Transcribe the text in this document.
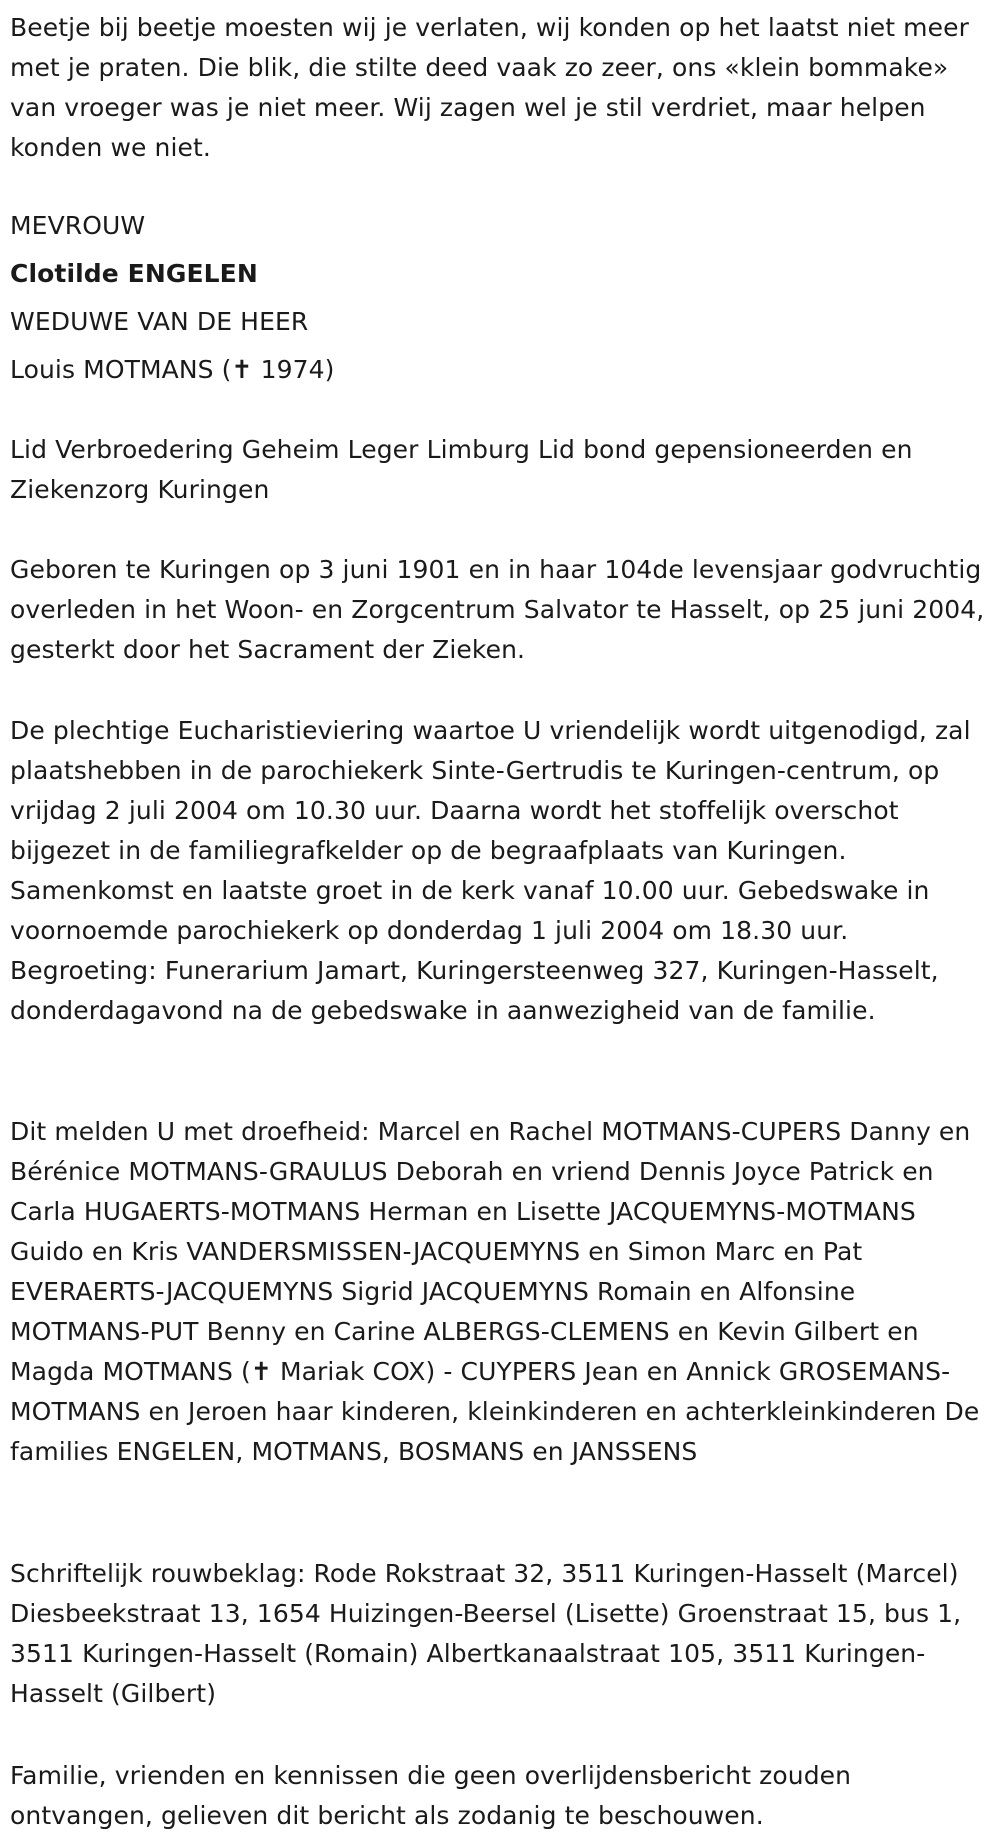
Beetje bij beetje moesten wij je verlaten, wij konden op het laatst niet meer met je praten. Die blik, die stilte deed vaak zo zeer, ons «klein bommake» van vroeger was je niet meer. Wij zagen wel je stil verdriet, maar helpen konden we niet.

MEVROUW

Clotilde ENGELEN

WEDUWE VAN DE HEER

Louis MOTMANS (✝ 1974)

Lid Verbroedering Geheim Leger Limburg Lid bond gepensioneerden en Ziekenzorg Kuringen

Geboren te Kuringen op 3 juni 1901 en in haar 104de levensjaar godvruchtig overleden in het Woon- en Zorgcentrum Salvator te Hasselt, op 25 juni 2004, gesterkt door het Sacrament der Zieken.

De plechtige Eucharistieviering waartoe U vriendelijk wordt uitgenodigd, zal plaatshebben in de parochiekerk Sinte-Gertrudis te Kuringen-centrum, op vrijdag 2 juli 2004 om 10.30 uur. Daarna wordt het stoffelijk overschot bijgezet in de familiegrafkelder op de begraafplaats van Kuringen. Samenkomst en laatste groet in de kerk vanaf 10.00 uur. Gebedswake in voornoemde parochiekerk op donderdag 1 juli 2004 om 18.30 uur. Begroeting: Funerarium Jamart, Kuringersteenweg 327, Kuringen-Hasselt, donderdagavond na de gebedswake in aanwezigheid van de familie.

Dit melden U met droefheid: Marcel en Rachel MOTMANS-CUPERS Danny en Bérénice MOTMANS-GRAULUS Deborah en vriend Dennis Joyce Patrick en Carla HUGAERTS-MOTMANS Herman en Lisette JACQUEMYNS-MOTMANS Guido en Kris VANDERSMISSEN-JACQUEMYNS en Simon Marc en Pat EVERAERTS-JACQUEMYNS Sigrid JACQUEMYNS Romain en Alfonsine MOTMANS-PUT Benny en Carine ALBERGS-CLEMENS en Kevin Gilbert en Magda MOTMANS (✝ Mariak COX) - CUYPERS Jean en Annick GROSEMANS-MOTMANS en Jeroen haar kinderen, kleinkinderen en achterkleinkinderen De families ENGELEN, MOTMANS, BOSMANS en JANSSENS

Schriftelijk rouwbeklag: Rode Rokstraat 32, 3511 Kuringen-Hasselt (Marcel) Diesbeekstraat 13, 1654 Huizingen-Beersel (Lisette) Groenstraat 15, bus 1, 3511 Kuringen-Hasselt (Romain) Albertkanaalstraat 105, 3511 Kuringen-Hasselt (Gilbert)

Familie, vrienden en kennissen die geen overlijdensbericht zouden ontvangen, gelieven dit bericht als zodanig te beschouwen.
